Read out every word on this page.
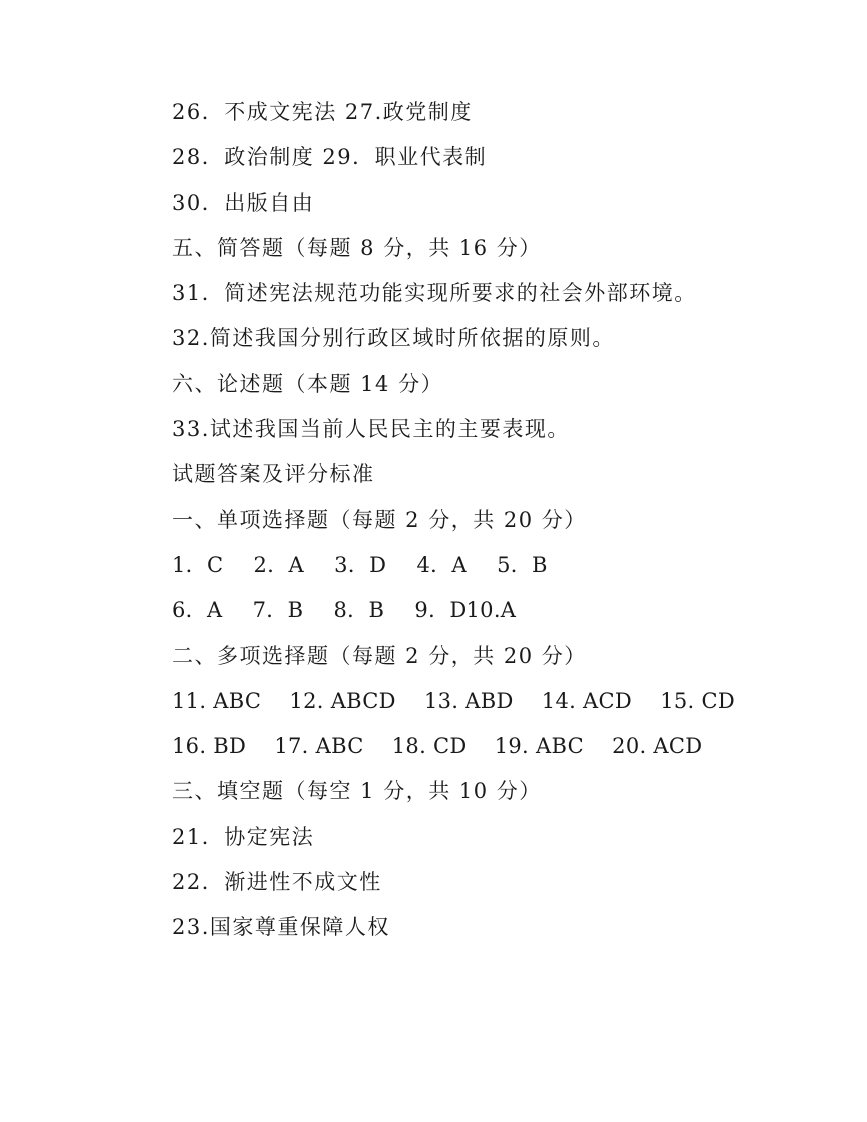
26．不成文宪法 27.政党制度
28．政治制度 29．职业代表制
30．出版自由
五、简答题（每题 8 分，共 16 分）
31．简述宪法规范功能实现所要求的社会外部环境。
32.简述我国分别行政区域时所依据的原则。
六、论述题（本题 14 分）
33.试述我国当前人民民主的主要表现。
试题答案及评分标准
一、单项选择题（每题 2 分，共 20 分）
1．C 2．A 3．D 4．A 5．B
6．A 7．B 8．B 9．D10.A
二、多项选择题（每题 2 分，共 20 分）
11. ABC 12. ABCD 13. ABD 14. ACD 15. CD
16. BD 17. ABC 18. CD 19. ABC 20. ACD
三、填空题（每空 1 分，共 10 分）
21．协定宪法
22．渐进性不成文性
23.国家尊重保障人权
